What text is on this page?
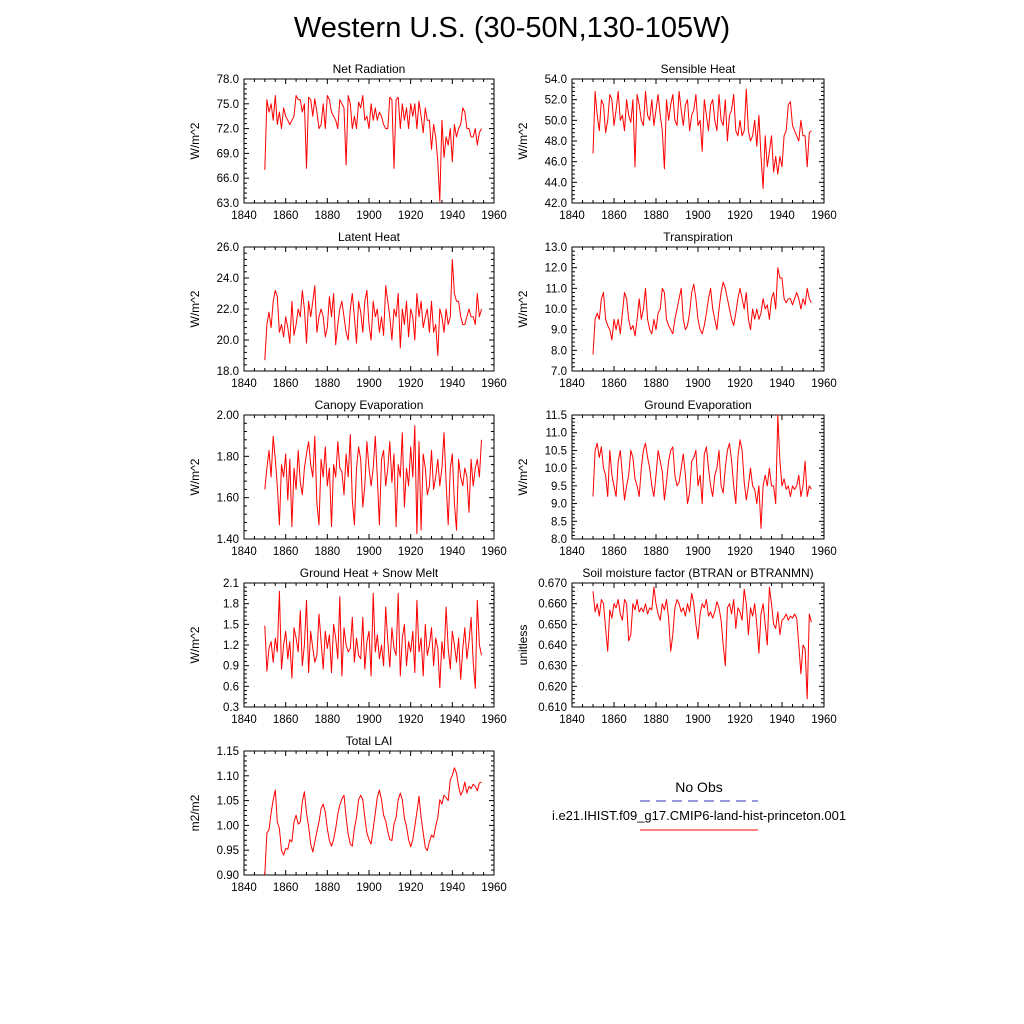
Western U.S. (30-50N,130-105W)
Net Radiation
W/m^2
1840 1860 1880 1900 1920 1940 1960
63.0
66.0
69.0
72.0
75.0
78.0
Sensible Heat
W/m^2
1840 1860 1880 1900 1920 1940 1960
42.0
44.0
46.0
48.0
50.0
52.0
54.0
Latent Heat
W/m^2
1840 1860 1880 1900 1920 1940 1960
18.0
20.0
22.0
24.0
26.0
Transpiration
W/m^2
1840 1860 1880 1900 1920 1940 1960
7.0
8.0
9.0
10.0
11.0
12.0
13.0
Canopy Evaporation
W/m^2
1840 1860 1880 1900 1920 1940 1960
1.40
1.60
1.80
2.00
Ground Evaporation
W/m^2
1840 1860 1880 1900 1920 1940 1960
8.0
8.5
9.0
9.5
10.0
10.5
11.0
11.5
Ground Heat + Snow Melt
W/m^2
1840 1860 1880 1900 1920 1940 1960
0.3
0.6
0.9
1.2
1.5
1.8
2.1
Soil moisture factor (BTRAN or BTRANMN)
unitless
1840 1860 1880 1900 1920 1940 1960
0.610
0.620
0.630
0.640
0.650
0.660
0.670
Total LAI
m2/m2
1840 1860 1880 1900 1920 1940 1960
0.90
0.95
1.00
1.05
1.10
1.15
No Obs
i.e21.IHIST.f09_g17.CMIP6-land-hist-princeton.001
